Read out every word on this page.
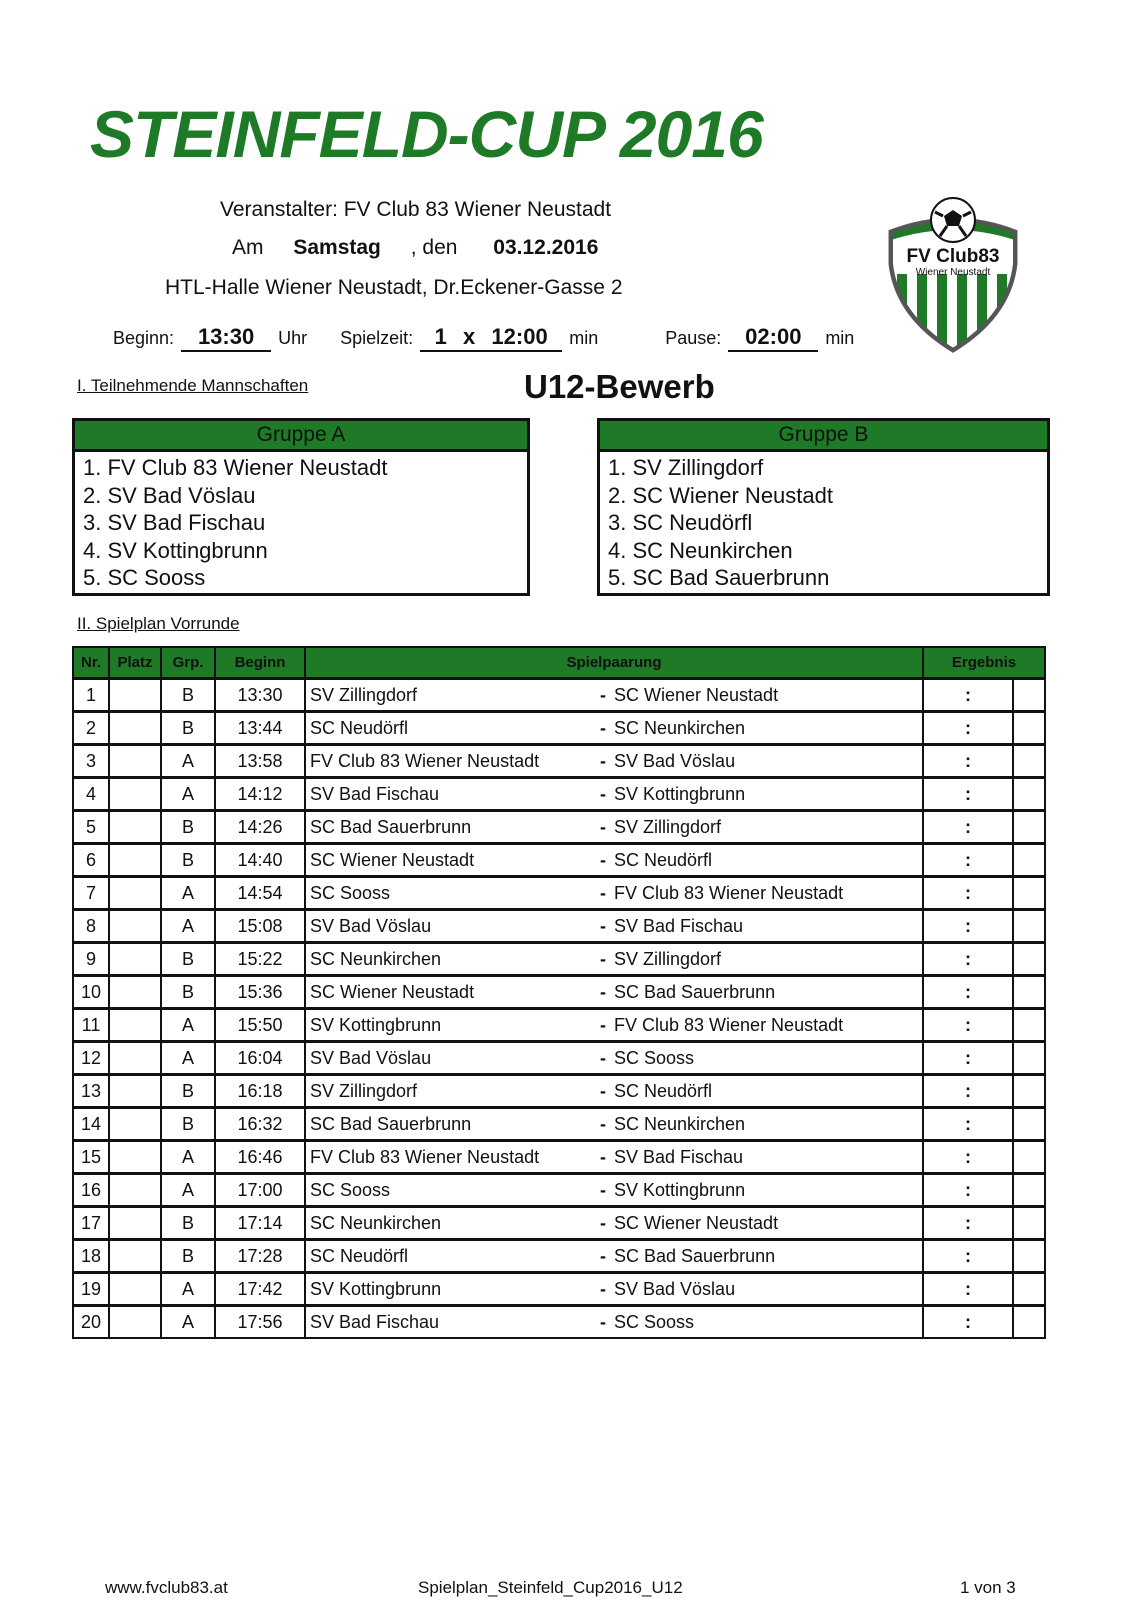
STEINFELD-CUP 2016
Veranstalter: FV Club 83 Wiener Neustadt
Am Samstag , den 03.12.2016
HTL-Halle Wiener Neustadt, Dr.Eckener-Gasse 2
Beginn: 13:30 Uhr Spielzeit: 1 x 12:00 min	Pause: 02:00 min
FV Club83
Wiener Neustadt
I. Teilnehmende Mannschaften	U12-Bewerb
Gruppe A
1. FV Club 83 Wiener Neustadt
2. SV Bad Vöslau
3. SV Bad Fischau
4. SV Kottingbrunn
5. SC Sooss
Gruppe B
1. SV Zillingdorf
2. SC Wiener Neustadt
3. SC Neudörfl
4. SC Neunkirchen
5. SC Bad Sauerbrunn
II. Spielplan Vorrunde
Nr.	Platz	Grp.	Beginn	Spielpaarung	Ergebnis	
1		B	13:30	SV Zillingdorf - SC Wiener Neustadt	:	
2		B	13:44	SC Neudörfl - SC Neunkirchen	:	
3		A	13:58	FV Club 83 Wiener Neustadt - SV Bad Vöslau	:	
4		A	14:12	SV Bad Fischau - SV Kottingbrunn	:	
5		B	14:26	SC Bad Sauerbrunn - SV Zillingdorf	:	
6		B	14:40	SC Wiener Neustadt - SC Neudörfl	:	
7		A	14:54	SC Sooss - FV Club 83 Wiener Neustadt	:	
8		A	15:08	SV Bad Vöslau - SV Bad Fischau	:	
9		B	15:22	SC Neunkirchen - SV Zillingdorf	:	
10		B	15:36	SC Wiener Neustadt - SC Bad Sauerbrunn	:	
11		A	15:50	SV Kottingbrunn - FV Club 83 Wiener Neustadt	:	
12		A	16:04	SV Bad Vöslau - SC Sooss	:	
13		B	16:18	SV Zillingdorf - SC Neudörfl	:	
14		B	16:32	SC Bad Sauerbrunn - SC Neunkirchen	:	
15		A	16:46	FV Club 83 Wiener Neustadt - SV Bad Fischau	:	
16		A	17:00	SC Sooss - SV Kottingbrunn	:	
17		B	17:14	SC Neunkirchen - SC Wiener Neustadt	:	
18		B	17:28	SC Neudörfl - SC Bad Sauerbrunn	:	
19		A	17:42	SV Kottingbrunn - SV Bad Vöslau	:	
20		A	17:56	SV Bad Fischau - SC Sooss	:	
www.fvclub83.at	Spielplan_Steinfeld_Cup2016_U12	1 von 3
